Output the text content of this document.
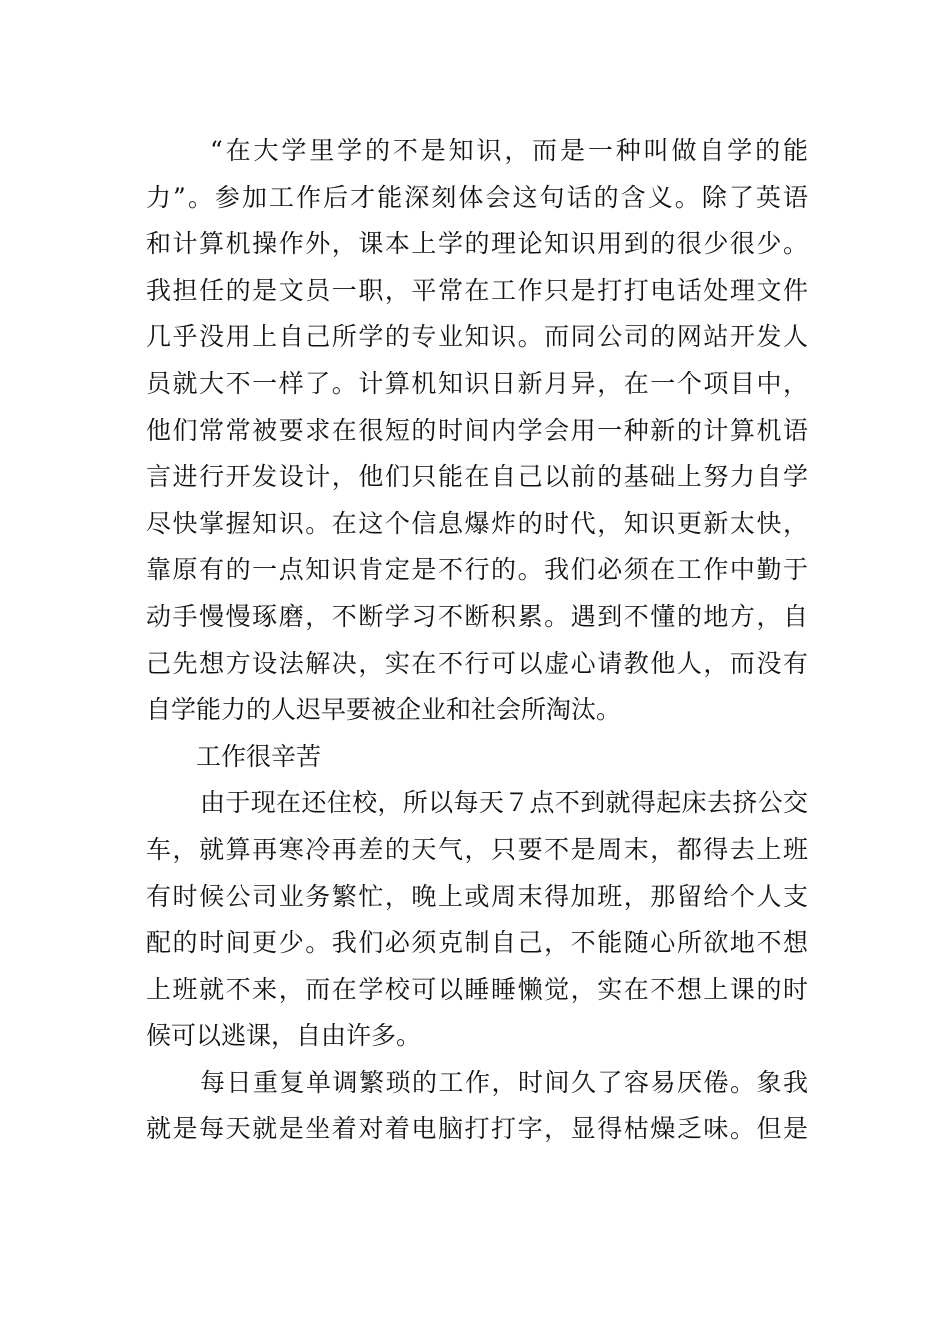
“在大学里学的不是知识，而是一种叫做自学的能
力”。参加工作后才能深刻体会这句话的含义。除了英语
和计算机操作外，课本上学的理论知识用到的很少很少。
我担任的是文员一职，平常在工作只是打打电话处理文件
几乎没用上自己所学的专业知识。而同公司的网站开发人
员就大不一样了。计算机知识日新月异，在一个项目中，
他们常常被要求在很短的时间内学会用一种新的计算机语
言进行开发设计，他们只能在自己以前的基础上努力自学
尽快掌握知识。在这个信息爆炸的时代，知识更新太快，
靠原有的一点知识肯定是不行的。我们必须在工作中勤于
动手慢慢琢磨，不断学习不断积累。遇到不懂的地方，自
己先想方设法解决，实在不行可以虚心请教他人，而没有
自学能力的人迟早要被企业和社会所淘汰。
工作很辛苦
由于现在还住校，所以每天７点不到就得起床去挤公交
车，就算再寒冷再差的天气，只要不是周末，都得去上班
有时候公司业务繁忙，晚上或周末得加班，那留给个人支
配的时间更少。我们必须克制自己，不能随心所欲地不想
上班就不来，而在学校可以睡睡懒觉，实在不想上课的时
候可以逃课，自由许多。
每日重复单调繁琐的工作，时间久了容易厌倦。象我
就是每天就是坐着对着电脑打打字，显得枯燥乏味。但是
